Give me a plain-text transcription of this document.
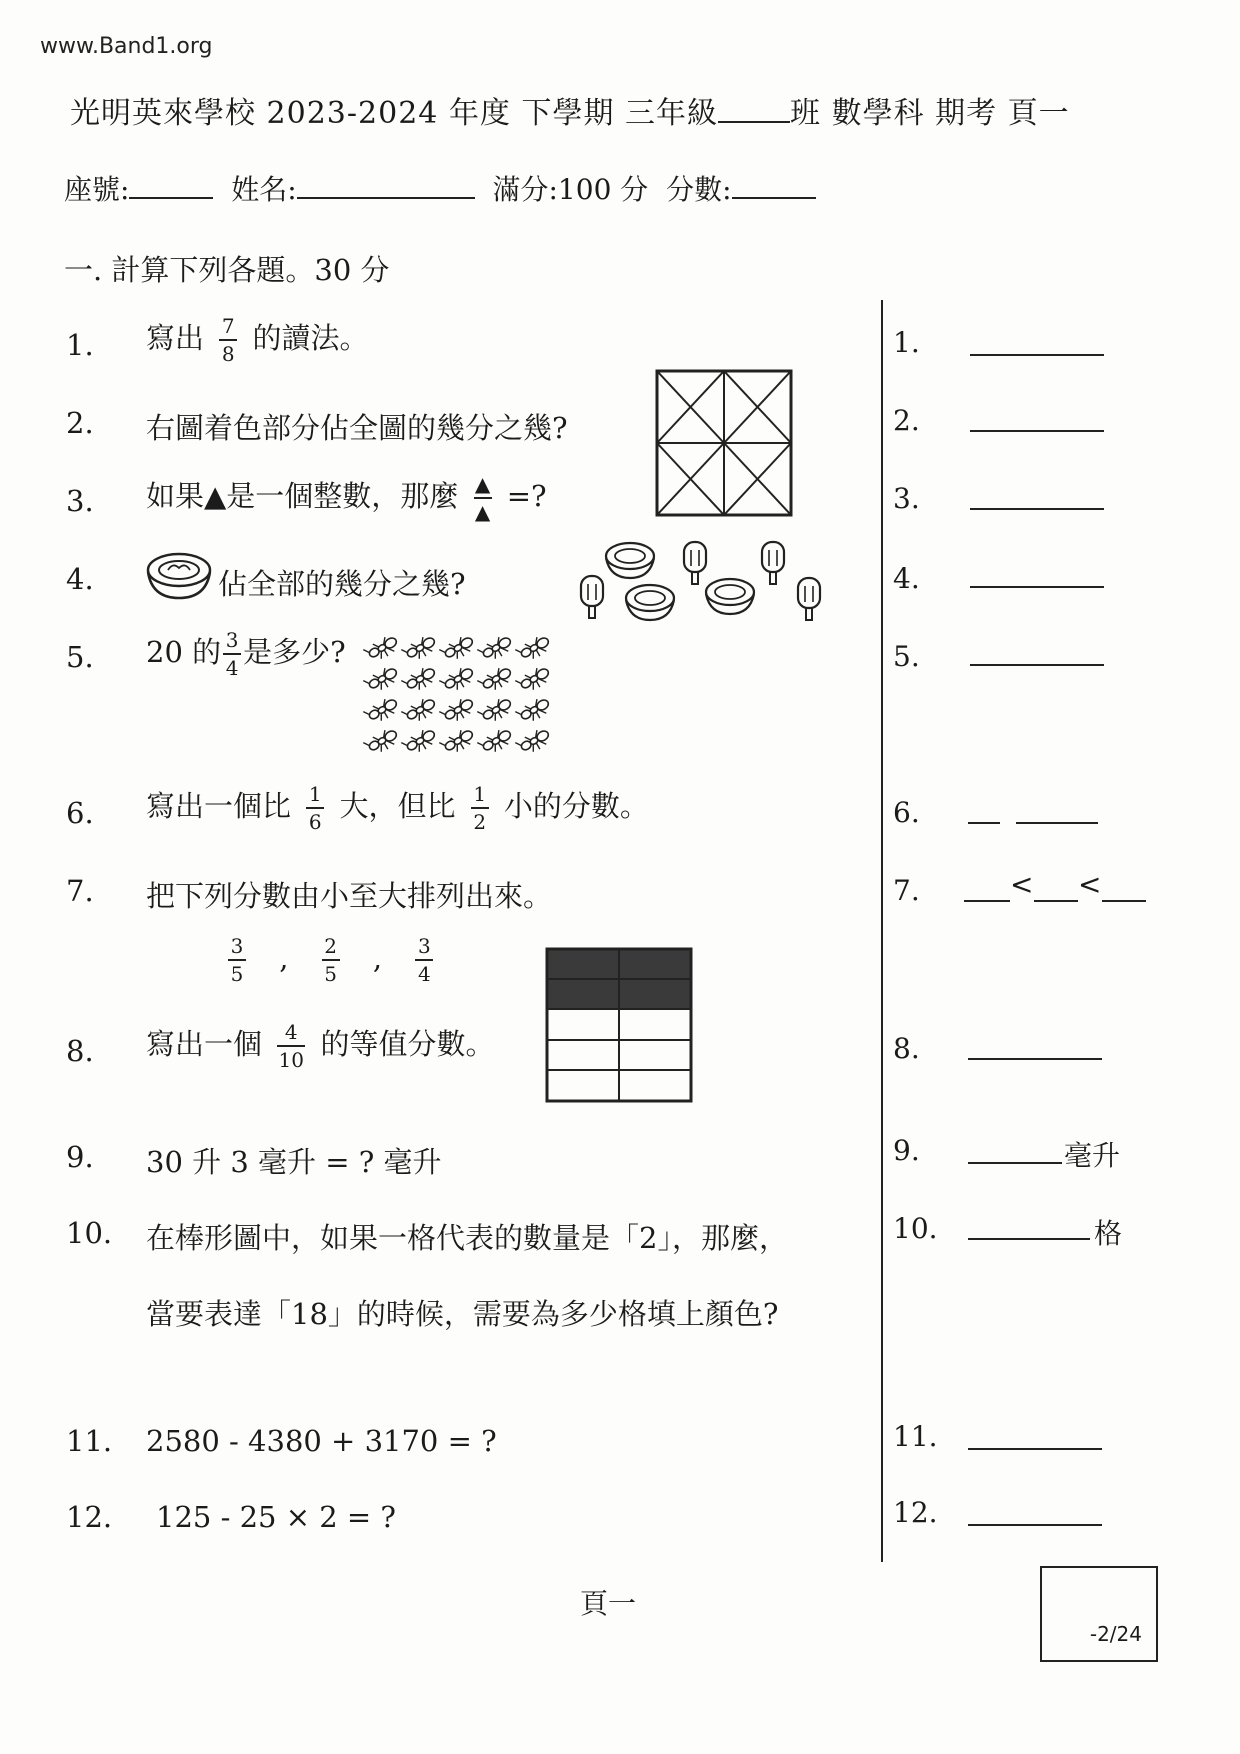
www.Band1.org
光明英來學校 2023-2024 年度 下學期 三年級 班 數學科 期考 頁一
座號:	姓名:	滿分:100 分 分數:
一. 計算下列各題。30 分
1. 寫出 $\frac{7}{8}$ 的讀法。
2. 右圖着色部分佔全圖的幾分之幾?
3. 如果▲是一個整數，那麼 $\frac{▲}{▲}$ =?
4.	佔全部的幾分之幾?
5. 20 的 $\frac{3}{4}$ 是多少?
6. 寫出一個比 $\frac{1}{6}$ 大，但比 $\frac{1}{2}$ 小的分數。
7. 把下列分數由小至大排列出來。
$\frac{3}{5}$ , $\frac{2}{5}$ , $\frac{3}{4}$
8. 寫出一個 $\frac{4}{10}$ 的等值分數。
9. 30 升 3 毫升 = ? 毫升
10. 在棒形圖中，如果一格代表的數量是「2」，那麼，
當要表達「18」的時候，需要為多少格填上顏色?
11. 2580 - 4380 + 3170 = ?
12. 125 - 25 × 2 = ?
1.
2.
3.
4.
5.
6.
7.	< <
8.
9.	毫升
10.	格
11.
12.
頁一
-2/24
